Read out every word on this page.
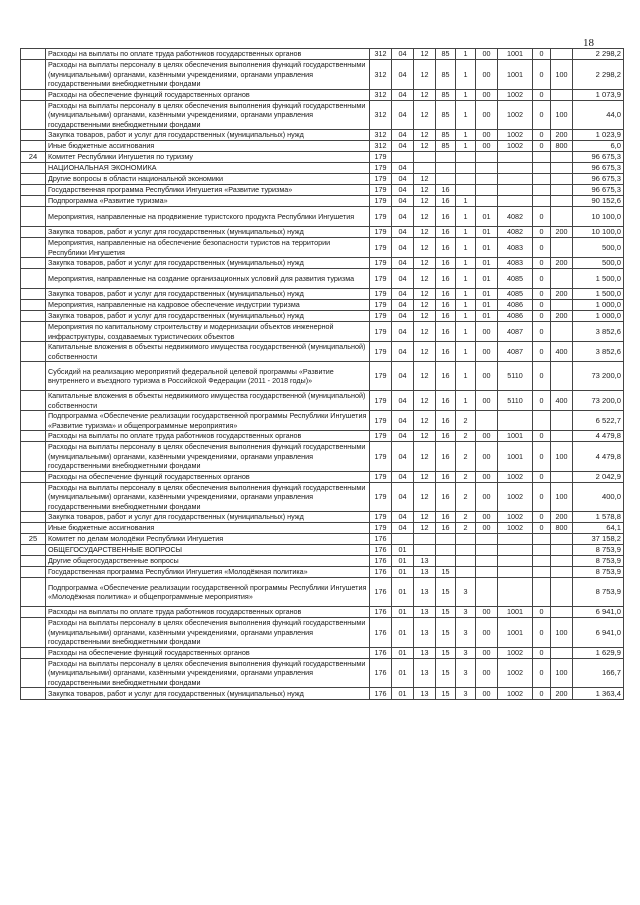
18
	Расходы на выплаты по оплате труда работников государственных органов	312	04	12	85	1	00	1001	0		2 298,2
	Расходы на выплаты персоналу в целях обеспечения выполнения функций государственными (муниципальными) органами, казёнными учреждениями, органами управления государственными внебюджетными фондами	312	04	12	85	1	00	1001	0	100	2 298,2
	Расходы на обеспечение функций государственных органов	312	04	12	85	1	00	1002	0		1 073,9
	Расходы на выплаты персоналу в целях обеспечения выполнения функций государственными (муниципальными) органами, казёнными учреждениями, органами управления государственными внебюджетными фондами	312	04	12	85	1	00	1002	0	100	44,0
	Закупка товаров, работ и услуг для государственных (муниципальных) нужд	312	04	12	85	1	00	1002	0	200	1 023,9
	Иные бюджетные ассигнования	312	04	12	85	1	00	1002	0	800	6,0
24	Комитет Республики Ингушетия по туризму	179									96 675,3
	НАЦИОНАЛЬНАЯ ЭКОНОМИКА	179	04								96 675,3
	Другие вопросы в области национальной экономики	179	04	12							96 675,3
	Государственная программа Республики Ингушетия «Развитие туризма»	179	04	12	16						96 675,3
	Подпрограмма «Развитие туризма»	179	04	12	16	1					90 152,6
	Мероприятия, направленные на продвижение туристского продукта Республики Ингушетия	179	04	12	16	1	01	4082	0		10 100,0
	Закупка товаров, работ и услуг для государственных (муниципальных) нужд	179	04	12	16	1	01	4082	0	200	10 100,0
	Мероприятия, направленные на обеспечение безопасности туристов на территории Республики Ингушетия	179	04	12	16	1	01	4083	0		500,0
	Закупка товаров, работ и услуг для государственных (муниципальных) нужд	179	04	12	16	1	01	4083	0	200	500,0
	Мероприятия, направленные на создание организационных условий для развития туризма	179	04	12	16	1	01	4085	0		1 500,0
	Закупка товаров, работ и услуг для государственных (муниципальных) нужд	179	04	12	16	1	01	4085	0	200	1 500,0
	Мероприятия, направленные на кадровое обеспечение индустрии туризма	179	04	12	16	1	01	4086	0		1 000,0
	Закупка товаров, работ и услуг для государственных (муниципальных) нужд	179	04	12	16	1	01	4086	0	200	1 000,0
	Мероприятия по капитальному строительству и модернизации объектов инженерной инфраструктуры, создаваемых туристических объектов	179	04	12	16	1	00	4087	0		3 852,6
	Капитальные вложения в объекты недвижимого имущества государственной (муниципальной) собственности	179	04	12	16	1	00	4087	0	400	3 852,6
	Субсидий на реализацию мероприятий федеральной целевой программы «Развитие внутреннего и въездного туризма в Российской Федерации (2011 - 2018 годы)»	179	04	12	16	1	00	5110	0		73 200,0
	Капитальные вложения в объекты недвижимого имущества государственной (муниципальной) собственности	179	04	12	16	1	00	5110	0	400	73 200,0
	Подпрограмма «Обеспечение реализации государственной программы Республики Ингушетия «Развитие туризма» и общепрограммные мероприятия»	179	04	12	16	2					6 522,7
	Расходы на выплаты по оплате труда работников государственных органов	179	04	12	16	2	00	1001	0		4 479,8
	Расходы на выплаты персоналу в целях обеспечения выполнения функций государственными (муниципальными) органами, казёнными учреждениями, органами управления государственными внебюджетными фондами	179	04	12	16	2	00	1001	0	100	4 479,8
	Расходы на обеспечение функций государственных органов	179	04	12	16	2	00	1002	0		2 042,9
	Расходы на выплаты персоналу в целях обеспечения выполнения функций государственными (муниципальными) органами, казёнными учреждениями, органами управления государственными внебюджетными фондами	179	04	12	16	2	00	1002	0	100	400,0
	Закупка товаров, работ и услуг для государственных (муниципальных) нужд	179	04	12	16	2	00	1002	0	200	1 578,8
	Иные бюджетные ассигнования	179	04	12	16	2	00	1002	0	800	64,1
25	Комитет по делам молодёжи Республики Ингушетия	176									37 158,2
	ОБЩЕГОСУДАРСТВЕННЫЕ ВОПРОСЫ	176	01								8 753,9
	Другие общегосударственные вопросы	176	01	13							8 753,9
	Государственная программа Республики Ингушетия «Молодёжная политика»	176	01	13	15						8 753,9
	Подпрограмма «Обеспечение реализации государственной программы Республики Ингушетия «Молодёжная политика» и общепрограммные мероприятия»	176	01	13	15	3					8 753,9
	Расходы на выплаты по оплате труда работников государственных органов	176	01	13	15	3	00	1001	0		6 941,0
	Расходы на выплаты персоналу в целях обеспечения выполнения функций государственными (муниципальными) органами, казёнными учреждениями, органами управления государственными внебюджетными фондами	176	01	13	15	3	00	1001	0	100	6 941,0
	Расходы на обеспечение функций государственных органов	176	01	13	15	3	00	1002	0		1 629,9
	Расходы на выплаты персоналу в целях обеспечения выполнения функций государственными (муниципальными) органами, казёнными учреждениями, органами управления государственными внебюджетными фондами	176	01	13	15	3	00	1002	0	100	166,7
	Закупка товаров, работ и услуг для государственных (муниципальных) нужд	176	01	13	15	3	00	1002	0	200	1 363,4
